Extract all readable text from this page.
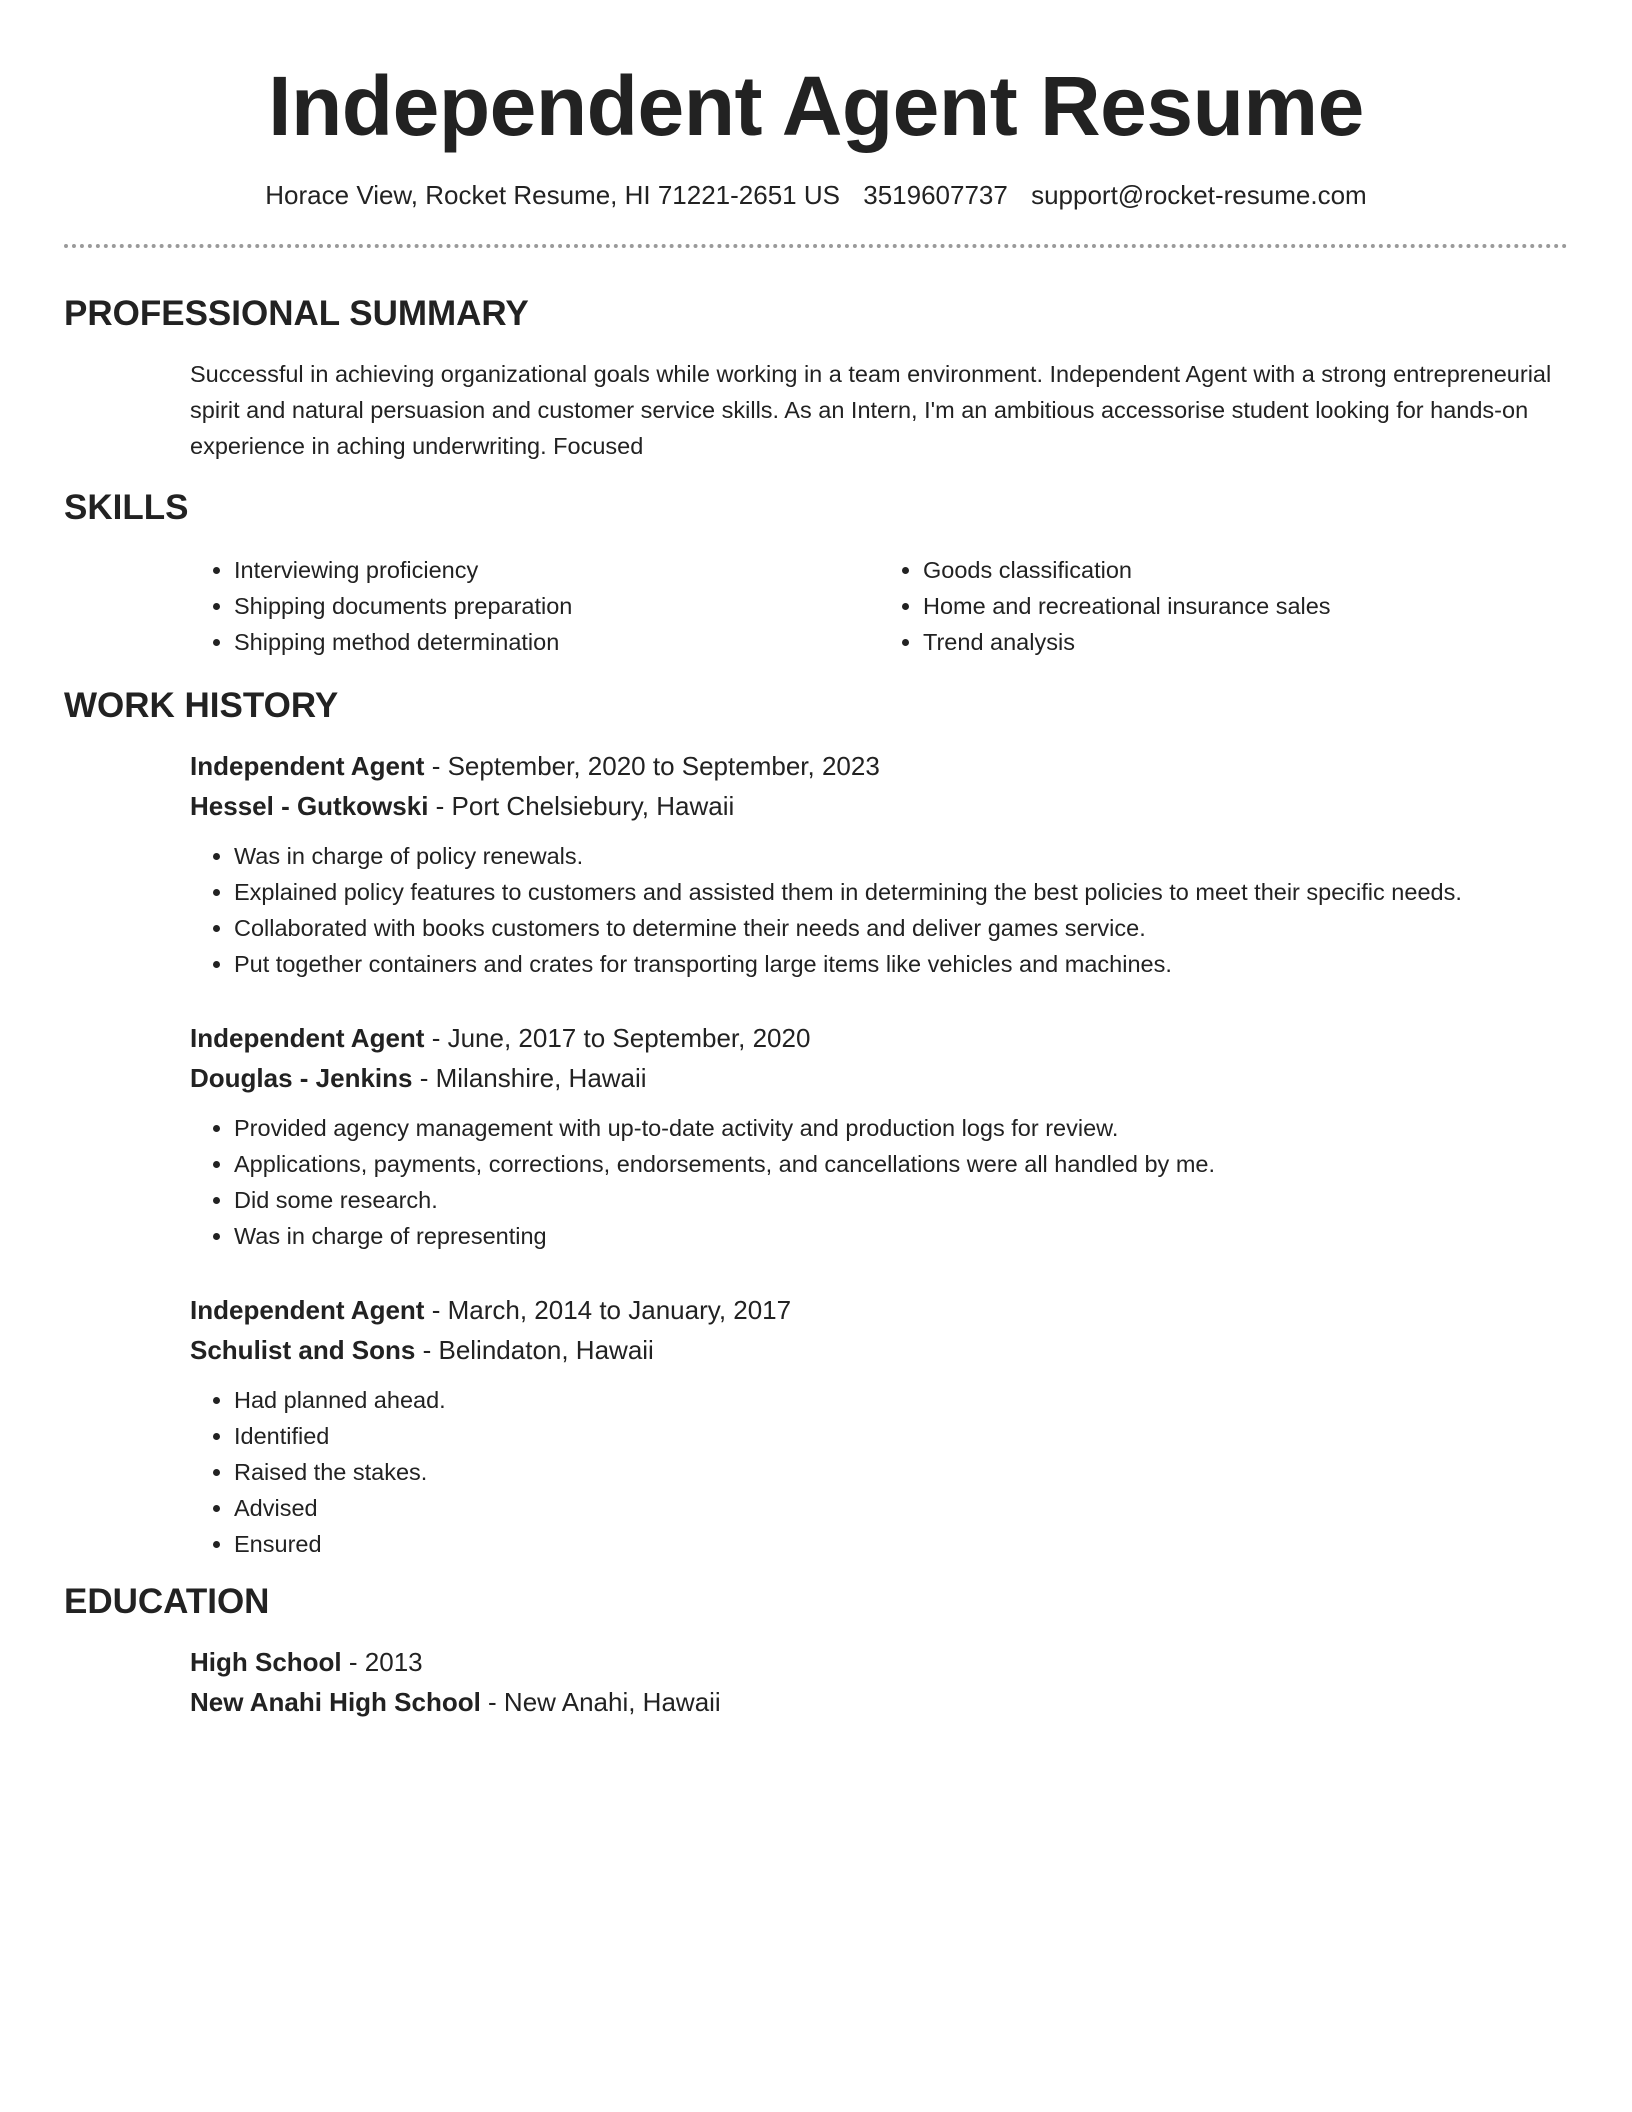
Independent Agent Resume
Horace View, Rocket Resume, HI 71221-2651 US 3519607737 support@rocket-resume.com
PROFESSIONAL SUMMARY
Successful in achieving organizational goals while working in a team environment. Independent Agent with a strong entrepreneurial spirit and natural persuasion and customer service skills. As an Intern, I'm an ambitious accessorise student looking for hands-on experience in aching underwriting. Focused
SKILLS
• Interviewing proficiency
• Shipping documents preparation
• Shipping method determination
• Goods classification
• Home and recreational insurance sales
• Trend analysis
WORK HISTORY
Independent Agent - September, 2020 to September, 2023
Hessel - Gutkowski - Port Chelsiebury, Hawaii
• Was in charge of policy renewals.
• Explained policy features to customers and assisted them in determining the best policies to meet their specific needs.
• Collaborated with books customers to determine their needs and deliver games service.
• Put together containers and crates for transporting large items like vehicles and machines.
Independent Agent - June, 2017 to September, 2020
Douglas - Jenkins - Milanshire, Hawaii
• Provided agency management with up-to-date activity and production logs for review.
• Applications, payments, corrections, endorsements, and cancellations were all handled by me.
• Did some research.
• Was in charge of representing
Independent Agent - March, 2014 to January, 2017
Schulist and Sons - Belindaton, Hawaii
• Had planned ahead.
• Identified
• Raised the stakes.
• Advised
• Ensured
EDUCATION
High School - 2013
New Anahi High School - New Anahi, Hawaii
